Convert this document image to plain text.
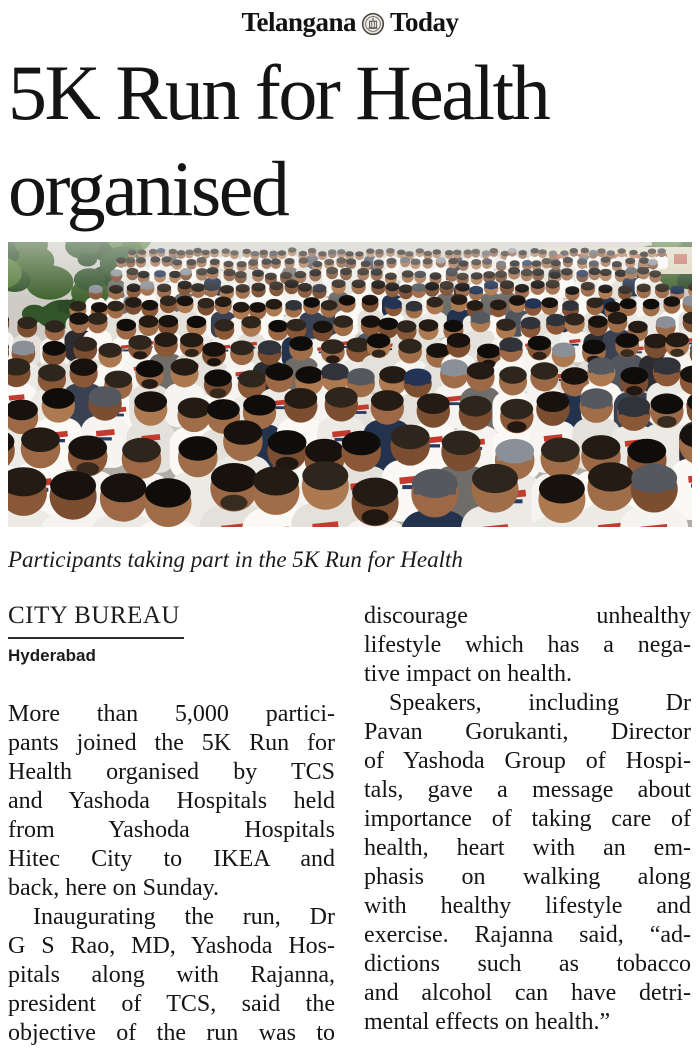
Telangana Today
5K Run for Health organised
Participants taking part in the 5K Run for Health
CITY BUREAU
Hyderabad
More than 5,000 partici-
pants joined the 5K Run for
Health organised by TCS
and Yashoda Hospitals held
from Yashoda Hospitals
Hitec City to IKEA and
back, here on Sunday.
Inaugurating the run, Dr
G S Rao, MD, Yashoda Hos-
pitals along with Rajanna,
president of TCS, said the
objective of the run was to
discourage unhealthy
lifestyle which has a nega-
tive impact on health.
Speakers, including Dr
Pavan Gorukanti, Director
of Yashoda Group of Hospi-
tals, gave a message about
importance of taking care of
health, heart with an em-
phasis on walking along
with healthy lifestyle and
exercise. Rajanna said, “ad-
dictions such as tobacco
and alcohol can have detri-
mental effects on health.”
